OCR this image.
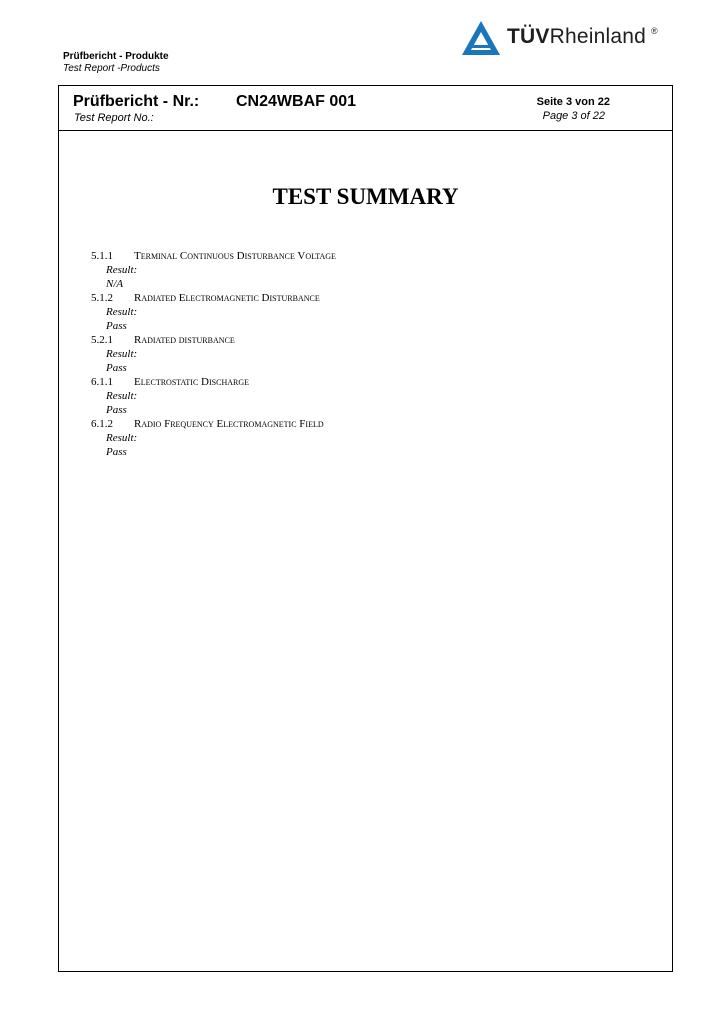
Prüfbericht - Produkte
Test Report -Products
TÜVRheinland ®
Prüfbericht - Nr.: CN24WBAF 001
Test Report No.:
Seite 3 von 22
Page 3 of 22
TEST SUMMARY
5.1.1 Terminal Continuous Disturbance Voltage
Result:
N/A
5.1.2 Radiated Electromagnetic Disturbance
Result:
Pass
5.2.1 Radiated disturbance
Result:
Pass
6.1.1 Electrostatic Discharge
Result:
Pass
6.1.2 Radio Frequency Electromagnetic Field
Result:
Pass
